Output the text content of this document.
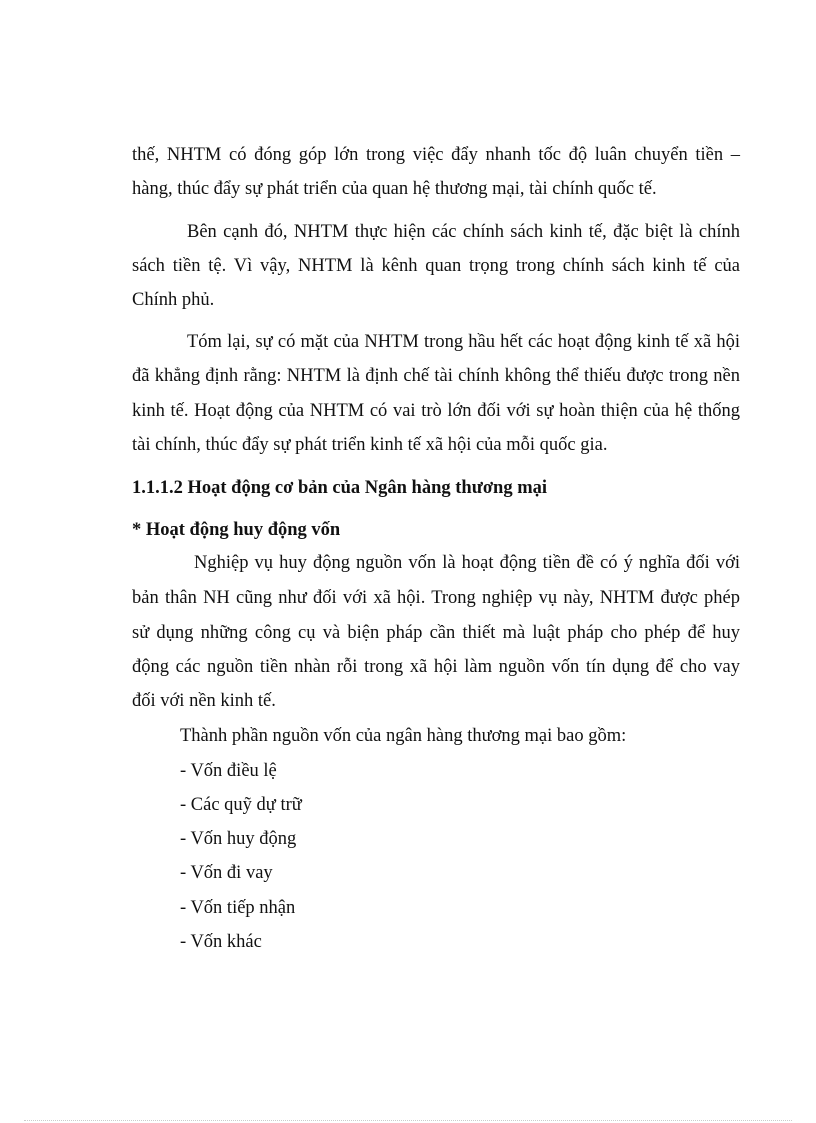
thế, NHTM có đóng góp lớn trong việc đẩy nhanh tốc độ luân chuyển tiền –
hàng, thúc đẩy sự phát triển của quan hệ thương mại, tài chính quốc tế.
Bên cạnh đó, NHTM thực hiện các chính sách kinh tế, đặc biệt là chính
sách tiền tệ. Vì vậy, NHTM là kênh quan trọng trong chính sách kinh tế của
Chính phủ.
Tóm lại, sự có mặt của NHTM trong hầu hết các hoạt động kinh tế xã hội
đã khẳng định rằng: NHTM là định chế tài chính không thể thiếu được trong nền
kinh tế. Hoạt động của NHTM có vai trò lớn đối với sự hoàn thiện của hệ thống
tài chính, thúc đẩy sự phát triển kinh tế xã hội của mỗi quốc gia.
1.1.1.2 Hoạt động cơ bản của Ngân hàng thương mại
* Hoạt động huy động vốn
Nghiệp vụ huy động nguồn vốn là hoạt động tiền đề có ý nghĩa đối với
bản thân NH cũng như đối với xã hội. Trong nghiệp vụ này, NHTM được phép
sử dụng những công cụ và biện pháp cần thiết mà luật pháp cho phép để huy
động các nguồn tiền nhàn rỗi trong xã hội làm nguồn vốn tín dụng để cho vay
đối với nền kinh tế.
Thành phần nguồn vốn của ngân hàng thương mại bao gồm:
- Vốn điều lệ
- Các quỹ dự trữ
- Vốn huy động
- Vốn đi vay
- Vốn tiếp nhận
- Vốn khác
